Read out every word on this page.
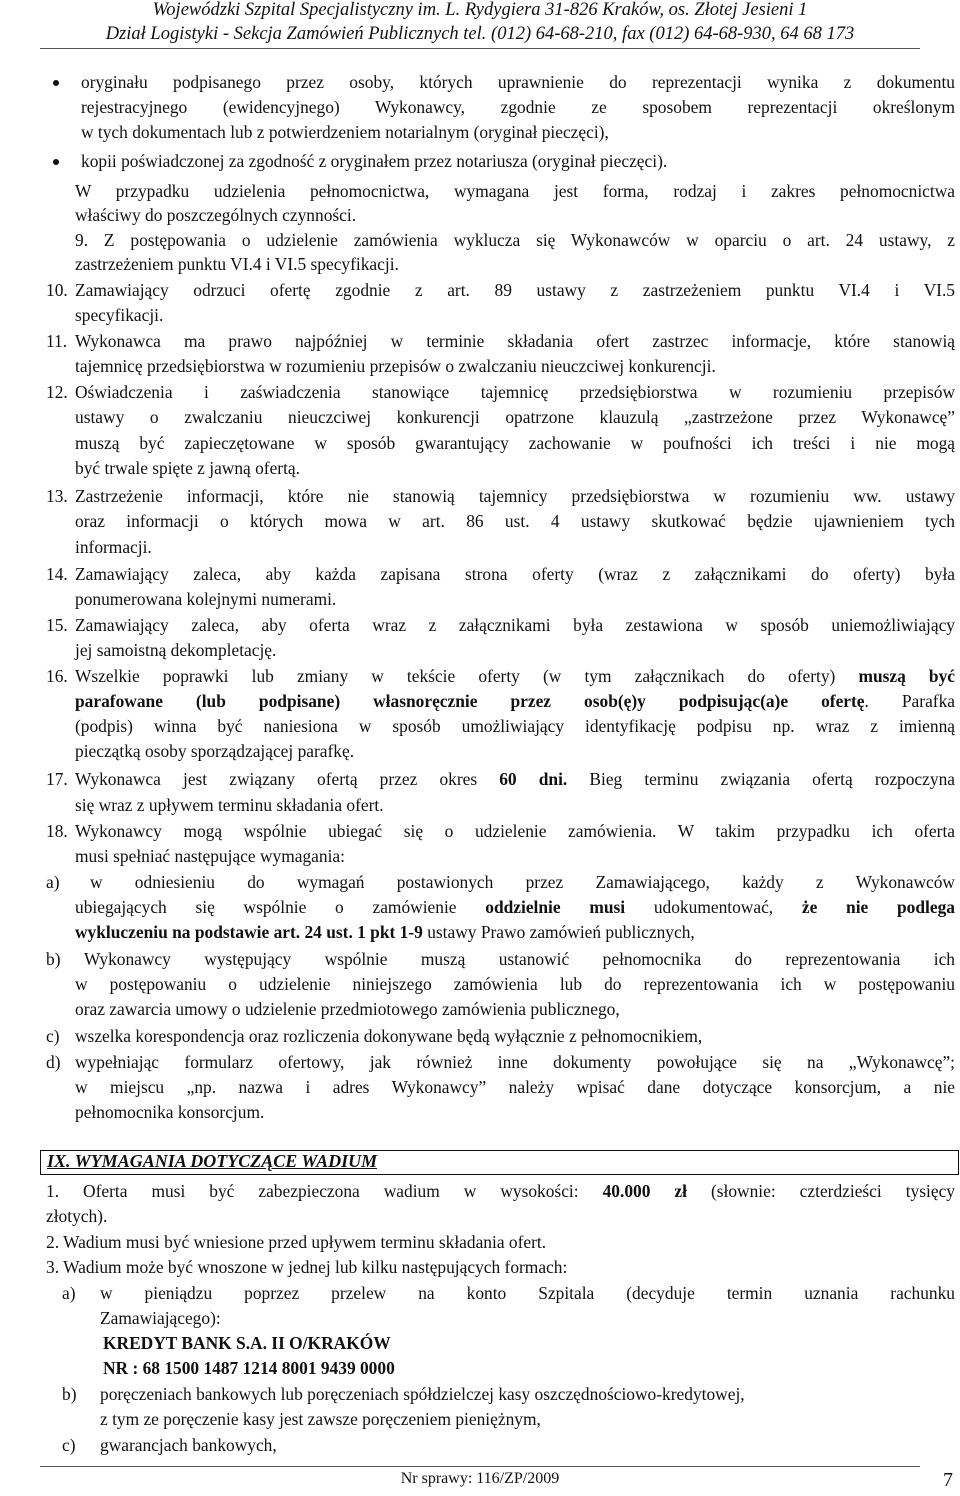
Wojewódzki Szpital Specjalistyczny im. L. Rydygiera 31-826 Kraków, os. Złotej Jesieni 1
Dział Logistyki - Sekcja Zamówień Publicznych tel. (012) 64-68-210, fax (012) 64-68-930, 64 68 173
oryginału podpisanego przez osoby, których uprawnienie do reprezentacji wynika z dokumentu
rejestracyjnego (ewidencyjnego) Wykonawcy, zgodnie ze sposobem reprezentacji określonym
w tych dokumentach lub z potwierdzeniem notarialnym (oryginał pieczęci),
kopii poświadczonej za zgodność z oryginałem przez notariusza (oryginał pieczęci).
W przypadku udzielenia pełnomocnictwa, wymagana jest forma, rodzaj i zakres pełnomocnictwa
właściwy do poszczególnych czynności.
9. Z postępowania o udzielenie zamówienia wyklucza się Wykonawców w oparciu o art. 24 ustawy, z
zastrzeżeniem punktu VI.4 i VI.5 specyfikacji.
10. Zamawiający odrzuci ofertę zgodnie z art. 89 ustawy z zastrzeżeniem punktu VI.4 i VI.5
specyfikacji.
11. Wykonawca ma prawo najpóźniej w terminie składania ofert zastrzec informacje, które stanowią
tajemnicę przedsiębiorstwa w rozumieniu przepisów o zwalczaniu nieuczciwej konkurencji.
12. Oświadczenia i zaświadczenia stanowiące tajemnicę przedsiębiorstwa w rozumieniu przepisów
ustawy o zwalczaniu nieuczciwej konkurencji opatrzone klauzulą „zastrzeżone przez Wykonawcę”
muszą być zapieczętowane w sposób gwarantujący zachowanie w poufności ich treści i nie mogą
być trwale spięte z jawną ofertą.
13. Zastrzeżenie informacji, które nie stanowią tajemnicy przedsiębiorstwa w rozumieniu ww. ustawy
oraz informacji o których mowa w art. 86 ust. 4 ustawy skutkować będzie ujawnieniem tych
informacji.
14. Zamawiający zaleca, aby każda zapisana strona oferty (wraz z załącznikami do oferty) była
ponumerowana kolejnymi numerami.
15. Zamawiający zaleca, aby oferta wraz z załącznikami była zestawiona w sposób uniemożliwiający
jej samoistną dekompletację.
16. Wszelkie poprawki lub zmiany w tekście oferty (w tym załącznikach do oferty) muszą być
parafowane (lub podpisane) własnoręcznie przez osob(ę)y podpisując(a)e ofertę. Parafka
(podpis) winna być naniesiona w sposób umożliwiający identyfikację podpisu np. wraz z imienną
pieczątką osoby sporządzającej parafkę.
17. Wykonawca jest związany ofertą przez okres 60 dni. Bieg terminu związania ofertą rozpoczyna
się wraz z upływem terminu składania ofert.
18. Wykonawcy mogą wspólnie ubiegać się o udzielenie zamówienia. W takim przypadku ich oferta
musi spełniać następujące wymagania:
a) w odniesieniu do wymagań postawionych przez Zamawiającego, każdy z Wykonawców
ubiegających się wspólnie o zamówienie oddzielnie musi udokumentować, że nie podlega
wykluczeniu na podstawie art. 24 ust. 1 pkt 1-9 ustawy Prawo zamówień publicznych,
b) Wykonawcy występujący wspólnie muszą ustanowić pełnomocnika do reprezentowania ich
w postępowaniu o udzielenie niniejszego zamówienia lub do reprezentowania ich w postępowaniu
oraz zawarcia umowy o udzielenie przedmiotowego zamówienia publicznego,
c) wszelka korespondencja oraz rozliczenia dokonywane będą wyłącznie z pełnomocnikiem,
d) wypełniając formularz ofertowy, jak również inne dokumenty powołujące się na „Wykonawcę”;
w miejscu „np. nazwa i adres Wykonawcy” należy wpisać dane dotyczące konsorcjum, a nie
pełnomocnika konsorcjum.
IX. WYMAGANIA DOTYCZĄCE WADIUM
1. Oferta musi być zabezpieczona wadium w wysokości: 40.000 zł (słownie: czterdzieści tysięcy
złotych).
2. Wadium musi być wniesione przed upływem terminu składania ofert.
3. Wadium może być wnoszone w jednej lub kilku następujących formach:
a) w pieniądzu poprzez przelew na konto Szpitala (decyduje termin uznania rachunku
Zamawiającego):
KREDYT BANK S.A. II O/KRAKÓW
NR : 68 1500 1487 1214 8001 9439 0000
b) poręczeniach bankowych lub poręczeniach spółdzielczej kasy oszczędnościowo-kredytowej,
z tym ze poręczenie kasy jest zawsze poręczeniem pieniężnym,
c) gwarancjach bankowych,
Nr sprawy: 116/ZP/2009	7
